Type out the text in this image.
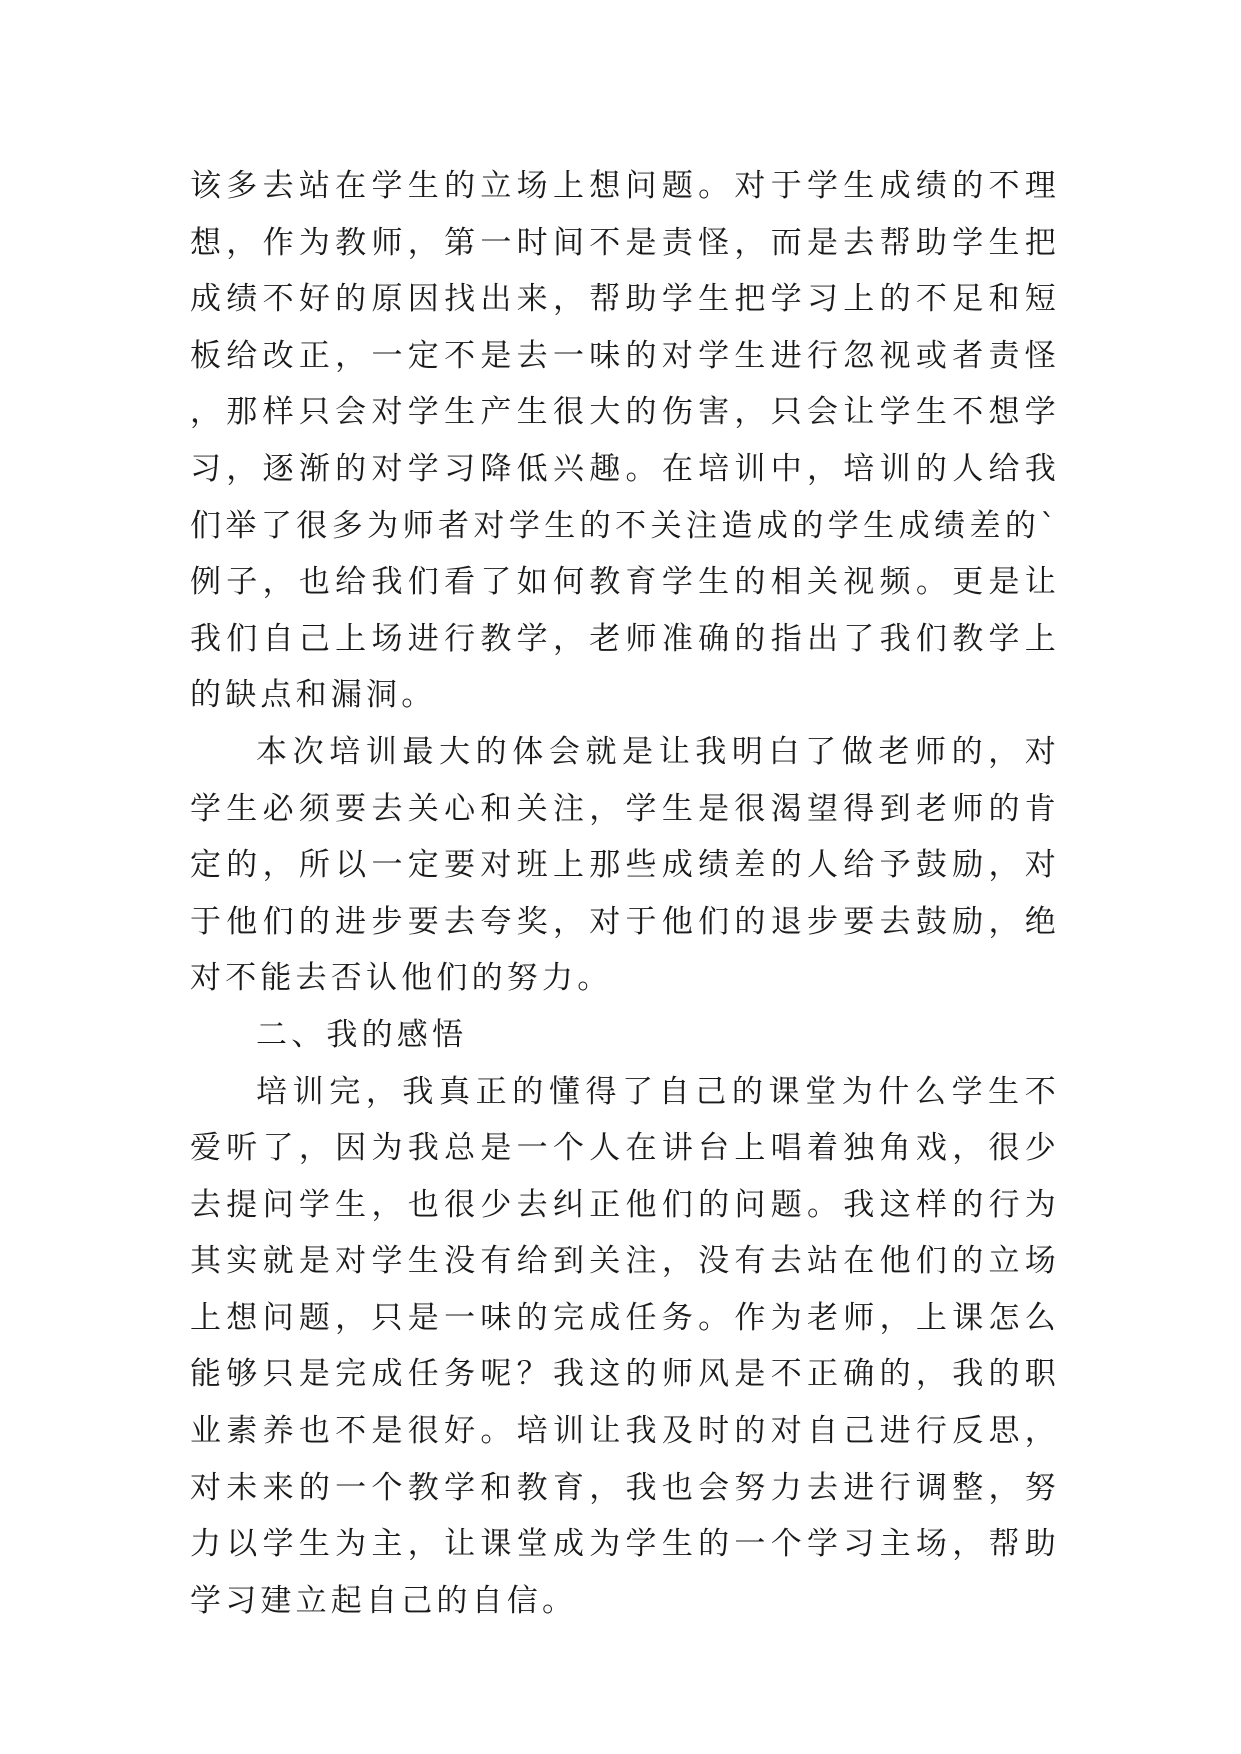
该多去站在学生的立场上想问题。对于学生成绩的不理想，作为教师，第一时间不是责怪，而是去帮助学生把成绩不好的原因找出来，帮助学生把学习上的不足和短板给改正，一定不是去一味的对学生进行忽视或者责怪，那样只会对学生产生很大的伤害，只会让学生不想学习，逐渐的对学习降低兴趣。在培训中，培训的人给我们举了很多为师者对学生的不关注造成的学生成绩差的`例子，也给我们看了如何教育学生的相关视频。更是让我们自己上场进行教学，老师准确的指出了我们教学上的缺点和漏洞。

本次培训最大的体会就是让我明白了做老师的，对学生必须要去关心和关注，学生是很渴望得到老师的肯定的，所以一定要对班上那些成绩差的人给予鼓励，对于他们的进步要去夸奖，对于他们的退步要去鼓励，绝对不能去否认他们的努力。

二、我的感悟

培训完，我真正的懂得了自己的课堂为什么学生不爱听了，因为我总是一个人在讲台上唱着独角戏，很少去提问学生，也很少去纠正他们的问题。我这样的行为其实就是对学生没有给到关注，没有去站在他们的立场上想问题，只是一味的完成任务。作为老师，上课怎么能够只是完成任务呢？我这的师风是不正确的，我的职业素养也不是很好。培训让我及时的对自己进行反思，对未来的一个教学和教育，我也会努力去进行调整，努力以学生为主，让课堂成为学生的一个学习主场，帮助学习建立起自己的自信。
